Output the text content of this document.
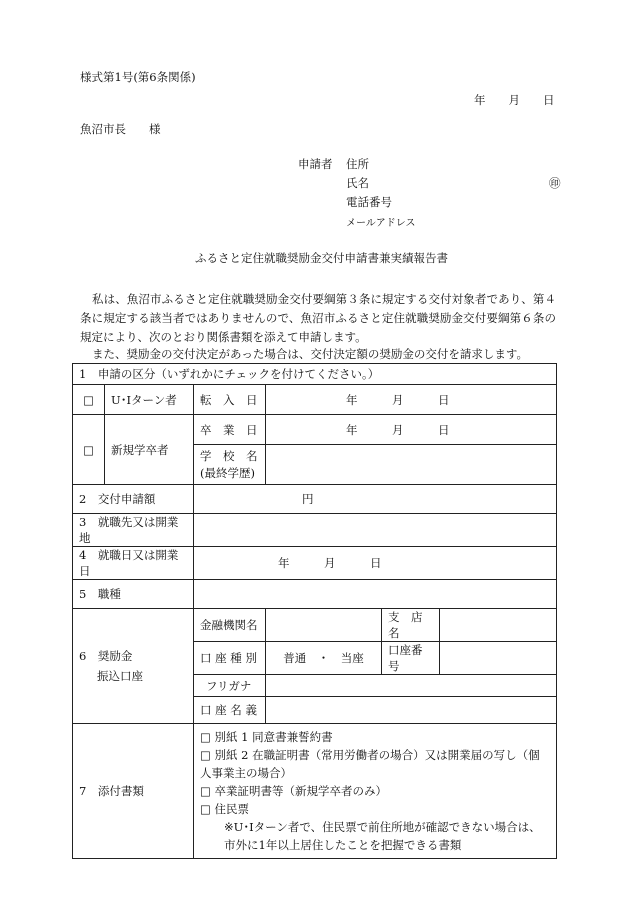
様式第1号(第6条関係)
年　　月　　日
魚沼市長　　様
申請者 住所
氏名	㊞
電話番号
メールアドレス
ふるさと定住就職奨励金交付申請書兼実績報告書
私は、魚沼市ふるさと定住就職奨励金交付要綱第３条に規定する交付対象者であり、第４条に規定する該当者ではありませんので、魚沼市ふるさと定住就職奨励金交付要綱第６条の規定により、次のとおり関係書類を添えて申請します。
また、奨励金の交付決定があった場合は、交付決定額の奨励金の交付を請求します。
1　申請の区分（いずれかにチェックを付けてください。）					
□	U･Iターン者	転　入　日	年　　　月　　　日		
□	新規学卒者	卒　業　日	年　　　月　　　日		

		学　校　名
(最終学歴)			

2　交付申請額		円			
3　就職先又は開業地					
4　就職日又は開業日		年　　　月　　　日			
5　職種					

6　奨励金
振込口座		金融機関名		支　店　名	
		口 座 種 別	普通　・　当座	口座番号	
		フリガナ			
		口 座 名 義			
7　添付書類		□ 別紙 1 同意書兼誓約書
□ 別紙 2 在職証明書（常用労働者の場合）又は開業届の写し（個人事業主の場合）
□ 卒業証明書等（新規学卒者のみ）
□ 住民票
※U･Iターン者で、住民票で前住所地が確認できない場合は、市外に1年以上居住したことを把握できる書類			
